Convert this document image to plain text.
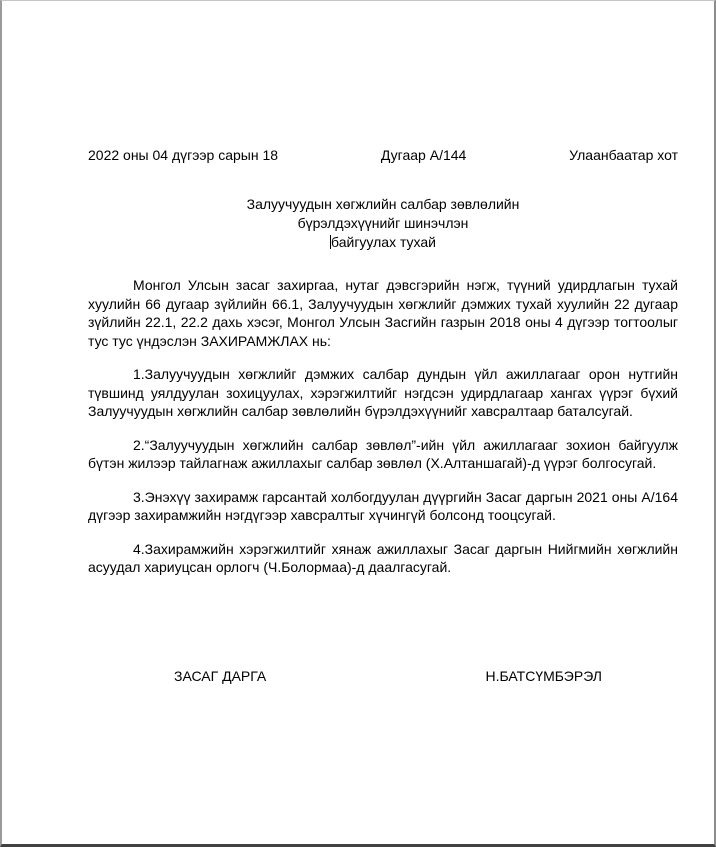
2022 оны 04 дүгээр сарын 18	Дугаар А/144	Улаанбаатар хот
Залуучуудын хөгжлийн салбар зөвлөлийн
бүрэлдэхүүнийг шинэчлэн
байгуулах тухай

Монгол Улсын засаг захиргаа, нутаг дэвсгэрийн нэгж, түүний удирдлагын тухай хуулийн 66 дугаар зүйлийн 66.1, Залуучуудын хөгжлийг дэмжих тухай хуулийн 22 дугаар зүйлийн 22.1, 22.2 дахь хэсэг, Монгол Улсын Засгийн газрын 2018 оны 4 дүгээр тогтоолыг тус тус үндэслэн ЗАХИРАМЖЛАХ нь:

1.Залуучуудын хөгжлийг дэмжих салбар дундын үйл ажиллагааг орон нутгийн түвшинд уялдуулан зохицуулах, хэрэгжилтийг нэгдсэн удирдлагаар хангах үүрэг бүхий Залуучуудын хөгжлийн салбар зөвлөлийн бүрэлдэхүүнийг хавсралтаар баталсугай.

2.“Залуучуудын хөгжлийн салбар зөвлөл”-ийн үйл ажиллагааг зохион байгуулж бүтэн жилээр тайлагнаж ажиллахыг салбар зөвлөл (Х.Алтаншагай)-д үүрэг болгосугай.

3.Энэхүү захирамж гарсантай холбогдуулан дүүргийн Засаг даргын 2021 оны А/164 дүгээр захирамжийн нэгдүгээр хавсралтыг хүчингүй болсонд тооцсугай.

4.Захирамжийн хэрэгжилтийг хянаж ажиллахыг Засаг даргын Нийгмийн хөгжлийн асуудал хариуцсан орлогч (Ч.Болормаа)-д даалгасугай.

ЗАСАГ ДАРГА	Н.БАТСҮМБЭРЭЛ
